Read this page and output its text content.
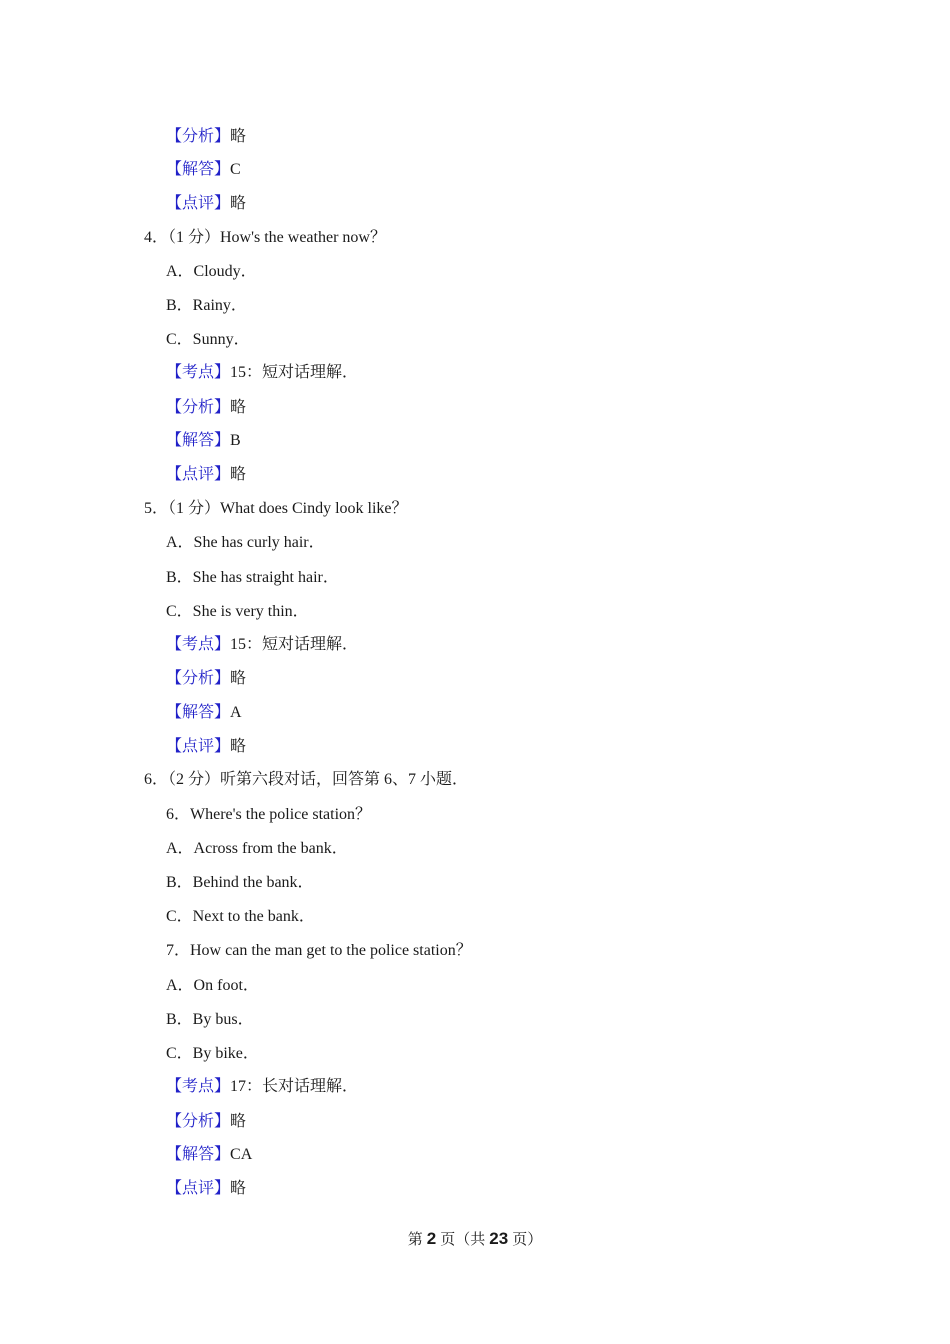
【分析】略
【解答】C
【点评】略
4．（1 分）How's the weather now？
A．Cloudy．
B．Rainy．
C．Sunny．
【考点】15：短对话理解．
【分析】略
【解答】B
【点评】略
5．（1 分）What does Cindy look like？
A．She has curly hair．
B．She has straight hair．
C．She is very thin．
【考点】15：短对话理解．
【分析】略
【解答】A
【点评】略
6．（2 分）听第六段对话，回答第 6、7 小题．
6．Where's the police station？
A．Across from the bank．
B．Behind the bank．
C．Next to the bank．
7．How can the man get to the police station？
A．On foot．
B．By bus．
C．By bike．
【考点】17：长对话理解．
【分析】略
【解答】CA
【点评】略
第 2 页（共 23 页）
